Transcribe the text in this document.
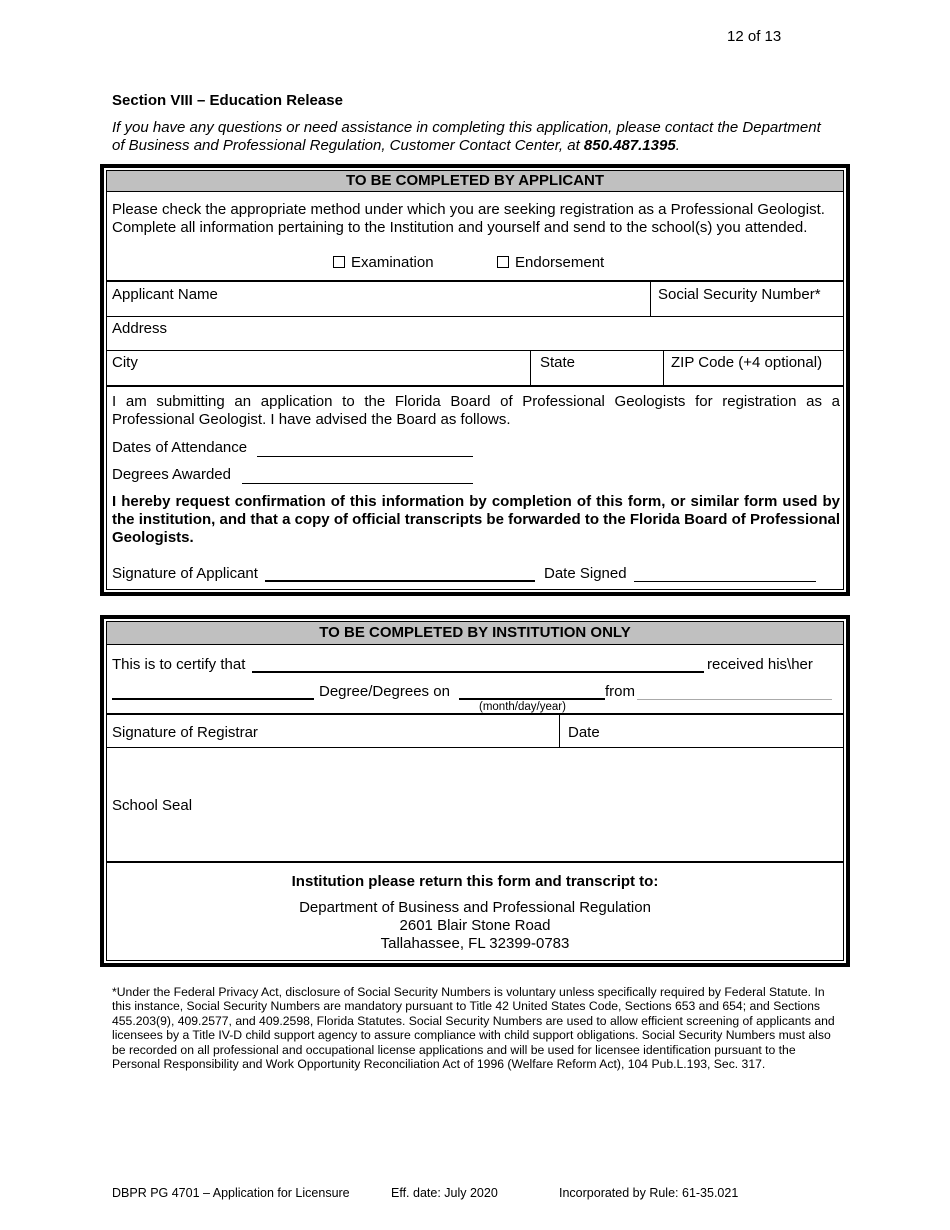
12 of 13
Section VIII – Education Release
If you have any questions or need assistance in completing this application, please contact the Department of Business and Professional Regulation, Customer Contact Center, at 850.487.1395.
TO BE COMPLETED BY APPLICANT
Please check the appropriate method under which you are seeking registration as a Professional Geologist. Complete all information pertaining to the Institution and yourself and send to the school(s) you attended.
Examination	Endorsement
Applicant Name	Social Security Number*
Address
City	State	ZIP Code (+4 optional)
I am submitting an application to the Florida Board of Professional Geologists for registration as a Professional Geologist. I have advised the Board as follows.
Dates of Attendance
Degrees Awarded
I hereby request confirmation of this information by completion of this form, or similar form used by the institution, and that a copy of official transcripts be forwarded to the Florida Board of Professional Geologists.
Signature of Applicant	Date Signed
TO BE COMPLETED BY INSTITUTION ONLY
This is to certify that	received his\her
Degree/Degrees on	from
(month/day/year)
Signature of Registrar	Date
School Seal
Institution please return this form and transcript to:
Department of Business and Professional Regulation
2601 Blair Stone Road
Tallahassee, FL 32399-0783
*Under the Federal Privacy Act, disclosure of Social Security Numbers is voluntary unless specifically required by Federal Statute. In this instance, Social Security Numbers are mandatory pursuant to Title 42 United States Code, Sections 653 and 654; and Sections 455.203(9), 409.2577, and 409.2598, Florida Statutes. Social Security Numbers are used to allow efficient screening of applicants and licensees by a Title IV-D child support agency to assure compliance with child support obligations. Social Security Numbers must also be recorded on all professional and occupational license applications and will be used for licensee identification pursuant to the Personal Responsibility and Work Opportunity Reconciliation Act of 1996 (Welfare Reform Act), 104 Pub.L.193, Sec. 317.
DBPR PG 4701 – Application for Licensure	Eff. date: July 2020	Incorporated by Rule: 61-35.021
